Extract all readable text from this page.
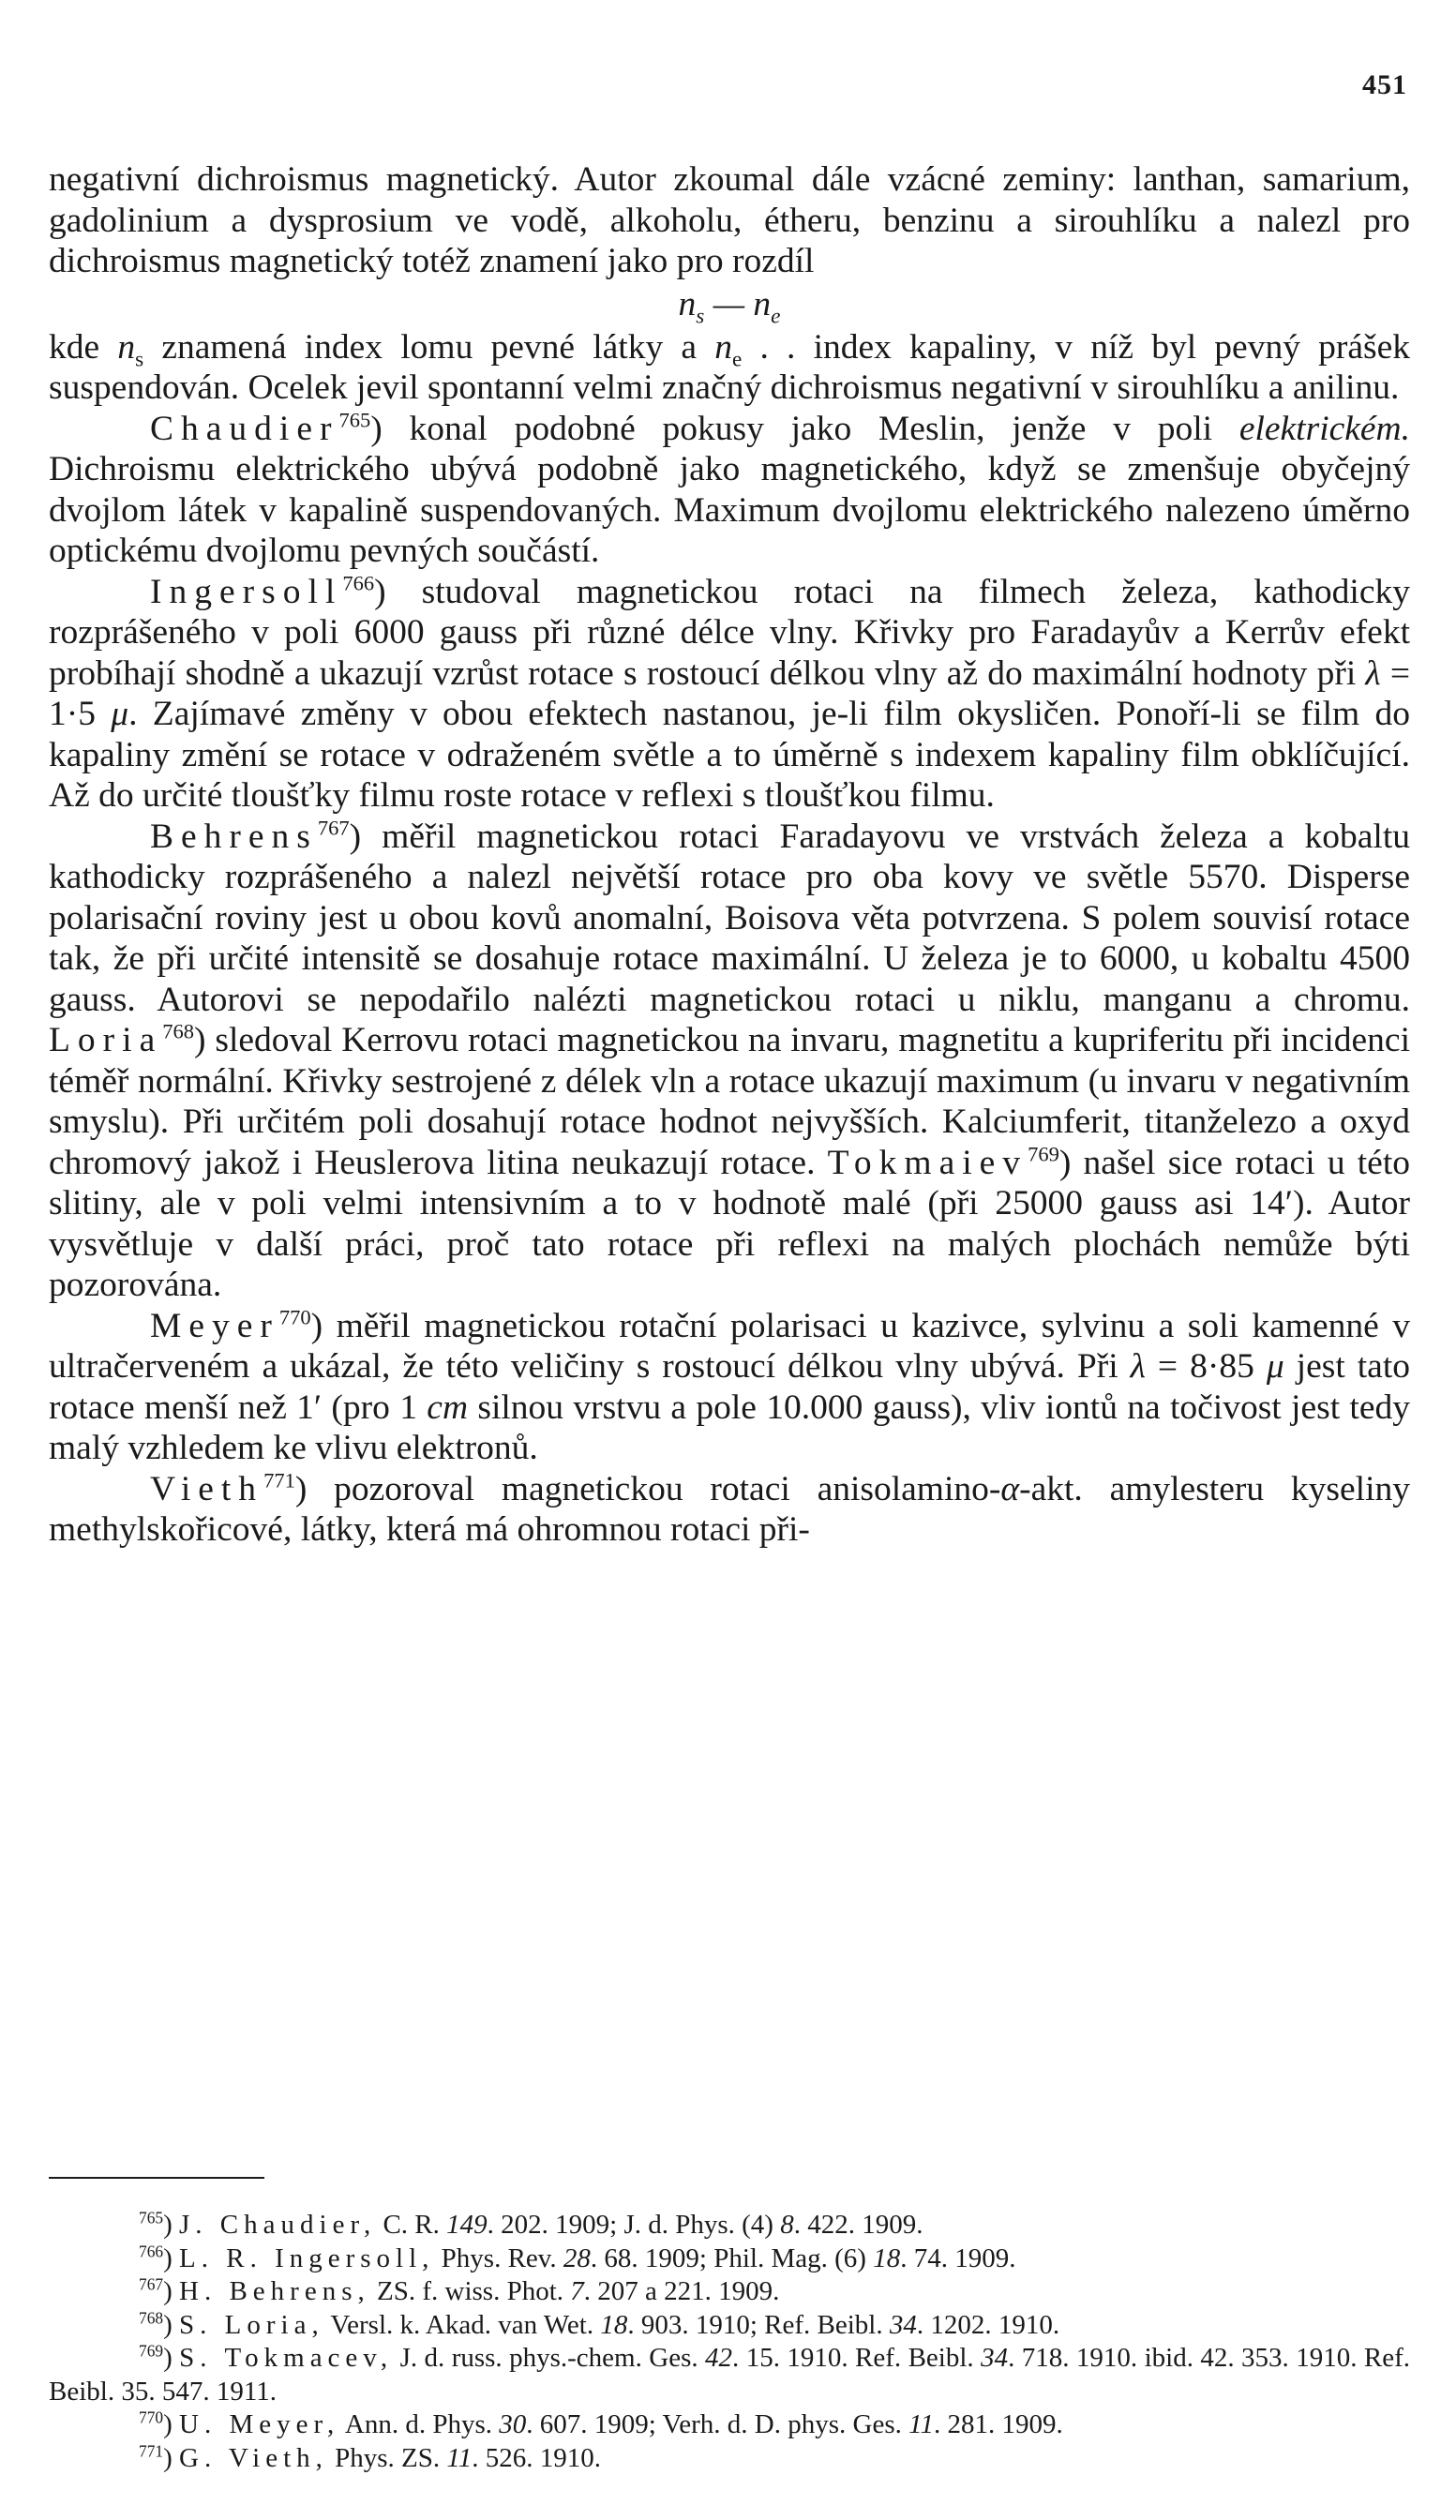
451

negativní dichroismus magnetický. Autor zkoumal dále vzácné zeminy: lanthan, samarium, gadolinium a dysprosium ve vodě, alkoholu, étheru, benzinu a sirouhlíku a nalezl pro dichroismus magnetický totéž znamení jako pro rozdíl

$n_s$ — $n_e$

kde $n_s$ znamená index lomu pevné látky a $n_e$ . . index kapaliny, v níž byl pevný prášek suspendován. Ocelek jevil spontanní velmi značný dichroismus negativní v sirouhlíku a anilinu.

Chaudier$^{765}$) konal podobné pokusy jako Meslin, jenže v poli elektrickém. Dichroismu elektrického ubývá podobně jako magnetického, když se zmenšuje obyčejný dvojlom látek v kapalině suspendovaných. Maximum dvojlomu elektrického nalezeno úměrno optickému dvojlomu pevných součástí.

Ingersoll$^{766}$) studoval magnetickou rotaci na filmech železa, kathodicky rozprášeného v poli 6000 gauss při různé délce vlny. Křivky pro Faradayův a Kerrův efekt probíhají shodně a ukazují vzrůst rotace s rostoucí délkou vlny až do maximální hodnoty při λ = 1·5 μ. Zajímavé změny v obou efektech nastanou, je-li film okysličen. Ponoří-li se film do kapaliny změní se rotace v odraženém světle a to úměrně s indexem kapaliny film obklíčující. Až do určité tloušťky filmu roste rotace v reflexi s tloušťkou filmu.

Behrens$^{767}$) měřil magnetickou rotaci Faradayovu ve vrstvách železa a kobaltu kathodicky rozprášeného a nalezl největší rotace pro oba kovy ve světle 5570. Disperse polarisační roviny jest u obou kovů anomalní, Boisova věta potvrzena. S polem souvisí rotace tak, že při určité intensitě se dosahuje rotace maximální. U železa je to 6000, u kobaltu 4500 gauss. Autorovi se nepodařilo nalézti magnetickou rotaci u niklu, manganu a chromu. Loria$^{768}$) sledoval Kerrovu rotaci magnetickou na invaru, magnetitu a kupriferitu při incidenci téměř normální. Křivky sestrojené z délek vln a rotace ukazují maximum (u invaru v negativním smyslu). Při určitém poli dosahují rotace hodnot nejvyšších. Kalciumferit, titanželezo a oxyd chromový jakož i Heuslerova litina neukazují rotace. Tokmaiev$^{769}$) našel sice rotaci u této slitiny, ale v poli velmi intensivním a to v hodnotě malé (při 25000 gauss asi 14′). Autor vysvětluje v další práci, proč tato rotace při reflexi na malých plochách nemůže býti pozorována.

Meyer$^{770}$) měřil magnetickou rotační polarisaci u kazivce, sylvinu a soli kamenné v ultračerveném a ukázal, že této veličiny s rostoucí délkou vlny ubývá. Při λ = 8·85 μ jest tato rotace menší než 1′ (pro 1 cm silnou vrstvu a pole 10.000 gauss), vliv iontů na točivost jest tedy malý vzhledem ke vlivu elektronů.

Vieth$^{771}$) pozoroval magnetickou rotaci anisolamino-α-akt. amylesteru kyseliny methylskořicové, látky, která má ohromnou rotaci při-

$^{765}$) J. Chaudier, C. R. 149. 202. 1909; J. d. Phys. (4) 8. 422. 1909.

$^{766}$) L. R. Ingersoll, Phys. Rev. 28. 68. 1909; Phil. Mag. (6) 18. 74. 1909.

$^{767}$) H. Behrens, ZS. f. wiss. Phot. 7. 207 a 221. 1909.

$^{768}$) S. Loria, Versl. k. Akad. van Wet. 18. 903. 1910; Ref. Beibl. 34. 1202. 1910.

$^{769}$) S. Tokmacev, J. d. russ. phys.-chem. Ges. 42. 15. 1910. Ref. Beibl. 34. 718. 1910. ibid. 42. 353. 1910. Ref. Beibl. 35. 547. 1911.

$^{770}$) U. Meyer, Ann. d. Phys. 30. 607. 1909; Verh. d. D. phys. Ges. 11. 281. 1909.

$^{771}$) G. Vieth, Phys. ZS. 11. 526. 1910.
